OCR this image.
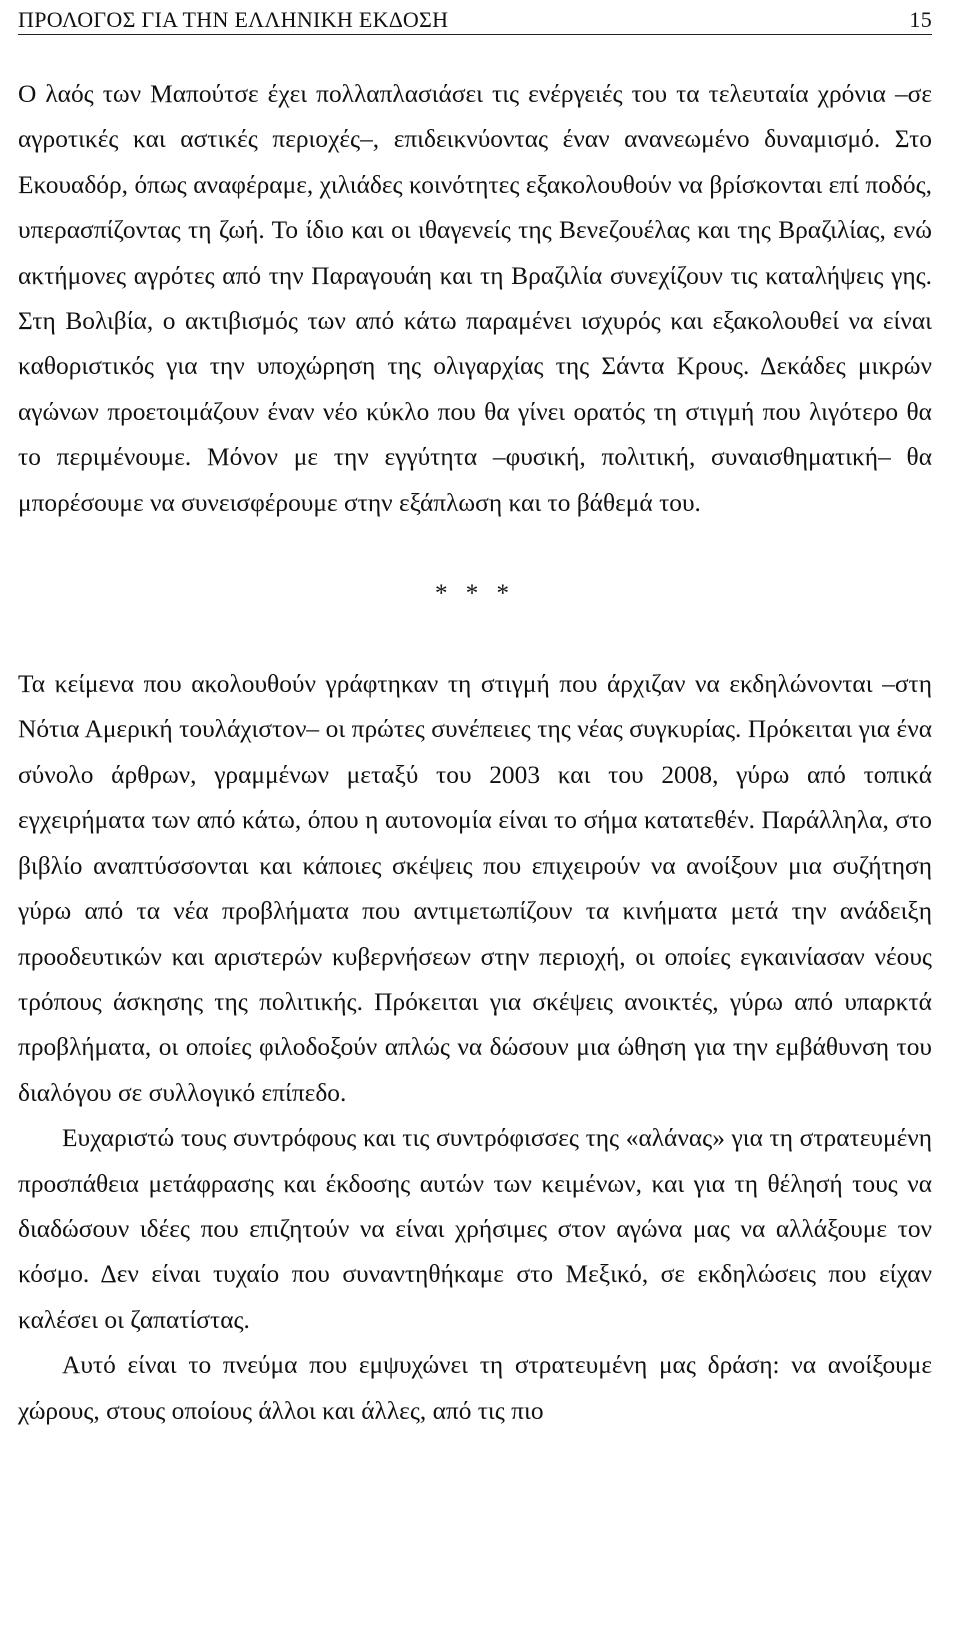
ΠΡΟΛΟΓΟΣ ΓΙΑ ΤΗΝ ΕΛΛΗΝΙΚΗ ΕΚΔΟΣΗ	15

Ο λαός των Μαπούτσε έχει πολλαπλασιάσει τις ενέργειές του τα τελευταία χρόνια –σε αγροτικές και αστικές περιοχές–, επιδεικνύοντας έναν ανανεωμένο δυναμισμό. Στο Εκουαδόρ, όπως αναφέραμε, χιλιάδες κοινότητες εξακολουθούν να βρίσκονται επί ποδός, υπερασπίζοντας τη ζωή. Το ίδιο και οι ιθαγενείς της Βενεζουέλας και της Βραζιλίας, ενώ ακτήμονες αγρότες από την Παραγουάη και τη Βραζιλία συνεχίζουν τις καταλήψεις γης. Στη Βολιβία, ο ακτιβισμός των από κάτω παραμένει ισχυρός και εξακολουθεί να είναι καθοριστικός για την υποχώρηση της ολιγαρχίας της Σάντα Κρους. Δεκάδες μικρών αγώνων προετοιμάζουν έναν νέο κύκλο που θα γίνει ορατός τη στιγμή που λιγότερο θα το περιμένουμε. Μόνον με την εγγύτητα –φυσική, πολιτική, συναισθηματική– θα μπορέσουμε να συνεισφέρουμε στην εξάπλωση και το βάθεμά του.

* * *

Τα κείμενα που ακολουθούν γράφτηκαν τη στιγμή που άρχιζαν να εκδηλώνονται –στη Νότια Αμερική τουλάχιστον– οι πρώτες συνέπειες της νέας συγκυρίας. Πρόκειται για ένα σύνολο άρθρων, γραμμένων μεταξύ του 2003 και του 2008, γύρω από τοπικά εγχειρήματα των από κάτω, όπου η αυτονομία είναι το σήμα κατατεθέν. Παράλληλα, στο βιβλίο αναπτύσσονται και κάποιες σκέψεις που επιχειρούν να ανοίξουν μια συζήτηση γύρω από τα νέα προβλήματα που αντιμετωπίζουν τα κινήματα μετά την ανάδειξη προοδευτικών και αριστερών κυβερνήσεων στην περιοχή, οι οποίες εγκαινίασαν νέους τρόπους άσκησης της πολιτικής. Πρόκειται για σκέψεις ανοικτές, γύρω από υπαρκτά προβλήματα, οι οποίες φιλοδοξούν απλώς να δώσουν μια ώθηση για την εμβάθυνση του διαλόγου σε συλλογικό επίπεδο.

Ευχαριστώ τους συντρόφους και τις συντρόφισσες της «αλάνας» για τη στρατευμένη προσπάθεια μετάφρασης και έκδοσης αυτών των κειμένων, και για τη θέλησή τους να διαδώσουν ιδέες που επιζητούν να είναι χρήσιμες στον αγώνα μας να αλλάξουμε τον κόσμο. Δεν είναι τυχαίο που συναντηθήκαμε στο Μεξικό, σε εκδηλώσεις που είχαν καλέσει οι ζαπατίστας.

Αυτό είναι το πνεύμα που εμψυχώνει τη στρατευμένη μας δράση: να ανοίξουμε χώρους, στους οποίους άλλοι και άλλες, από τις πιο
